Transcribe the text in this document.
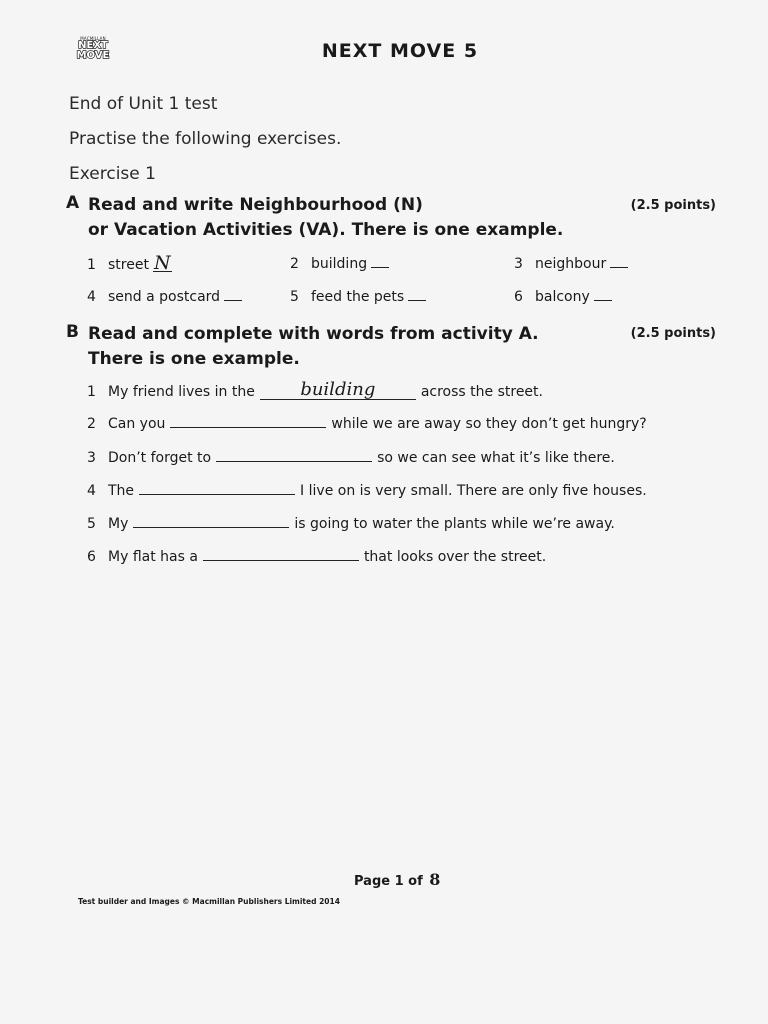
MACMILLAN
NEXT
MOVE	NEXT MOVE 5
End of Unit 1 test
Practise the following exercises.
Exercise 1
A Read and write Neighbourhood (N)
or Vacation Activities (VA). There is one example.
(2.5 points)
1 street N	2 building	3 neighbour
4 send a postcard	5 feed the pets	6 balcony
B Read and complete with words from activity A.
There is one example.
(2.5 points)
1 My friend lives in the	building	across the street.
2 Can you	while we are away so they don’t get hungry?
3 Don’t forget to	so we can see what it’s like there.
4 The	I live on is very small. There are only five houses.
5 My	is going to water the plants while we’re away.
6 My flat has a	that looks over the street.
Page 1 of 8
Test builder and Images © Macmillan Publishers Limited 2014
